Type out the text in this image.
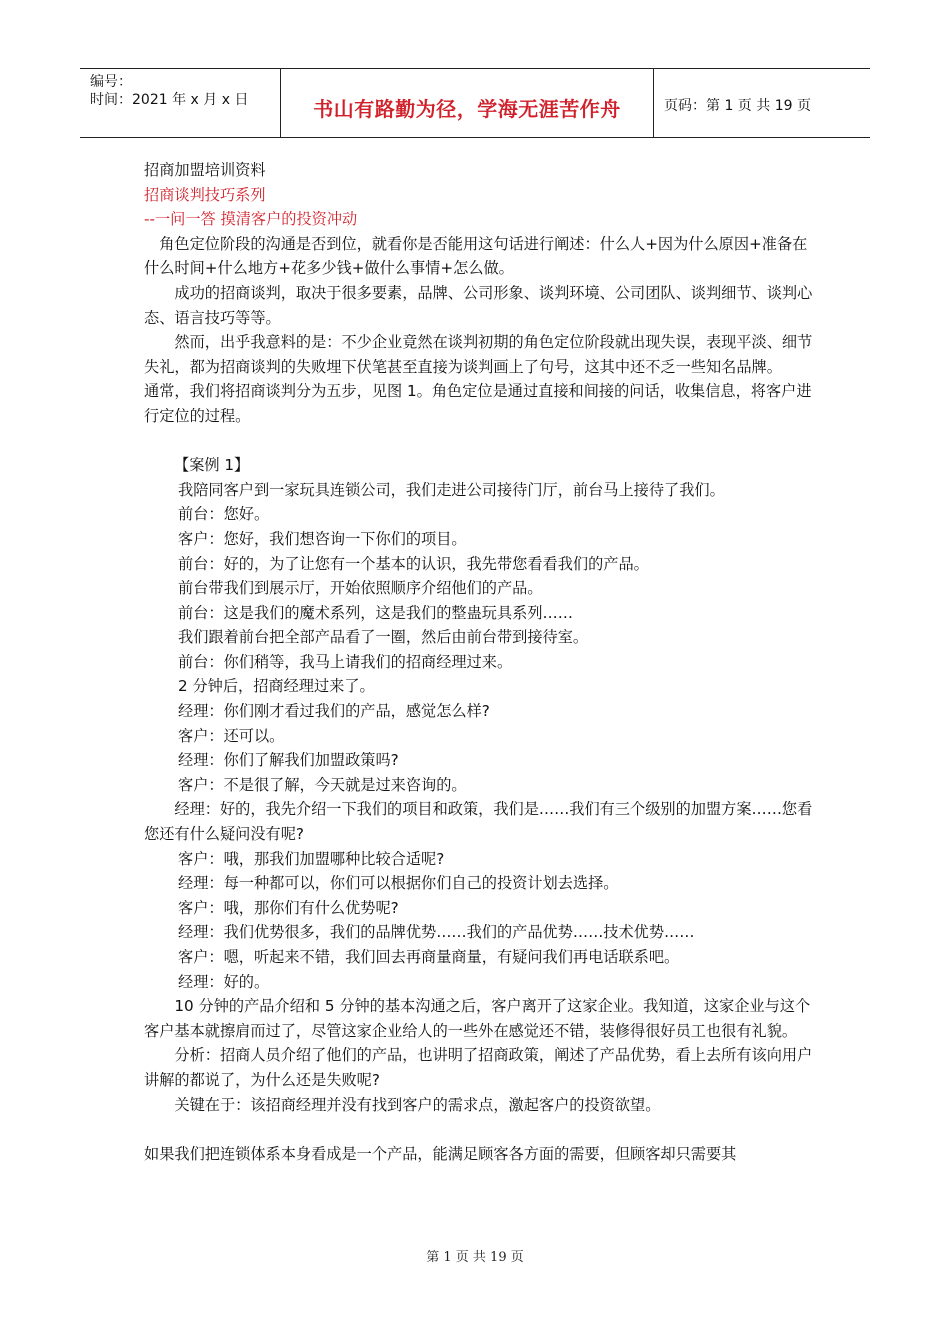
编号：
时间：2021 年 x 月 x 日	书山有路勤为径，学海无涯苦作舟	页码：第 1 页 共 19 页

招商加盟培训资料

招商谈判技巧系列

--一问一答 摸清客户的投资冲动

角色定位阶段的沟通是否到位，就看你是否能用这句话进行阐述：什么人+因为什么原因+准备在什么时间+什么地方+花多少钱+做什么事情+怎么做。

成功的招商谈判，取决于很多要素，品牌、公司形象、谈判环境、公司团队、谈判细节、谈判心态、语言技巧等等。

然而，出乎我意料的是：不少企业竟然在谈判初期的角色定位阶段就出现失误，表现平淡、细节失礼，都为招商谈判的失败埋下伏笔甚至直接为谈判画上了句号，这其中还不乏一些知名品牌。

通常，我们将招商谈判分为五步，见图 1。角色定位是通过直接和间接的问话，收集信息，将客户进行定位的过程。

【案例 1】

我陪同客户到一家玩具连锁公司，我们走进公司接待门厅，前台马上接待了我们。

前台：您好。

客户：您好，我们想咨询一下你们的项目。

前台：好的，为了让您有一个基本的认识，我先带您看看我们的产品。

前台带我们到展示厅，开始依照顺序介绍他们的产品。

前台：这是我们的魔术系列，这是我们的整蛊玩具系列……

我们跟着前台把全部产品看了一圈，然后由前台带到接待室。

前台：你们稍等，我马上请我们的招商经理过来。

2 分钟后，招商经理过来了。

经理：你们刚才看过我们的产品，感觉怎么样?

客户：还可以。

经理：你们了解我们加盟政策吗?

客户：不是很了解，今天就是过来咨询的。

经理：好的，我先介绍一下我们的项目和政策，我们是……我们有三个级别的加盟方案……您看您还有什么疑问没有呢?

客户：哦，那我们加盟哪种比较合适呢?

经理：每一种都可以，你们可以根据你们自己的投资计划去选择。

客户：哦，那你们有什么优势呢?

经理：我们优势很多，我们的品牌优势……我们的产品优势……技术优势……

客户：嗯，听起来不错，我们回去再商量商量，有疑问我们再电话联系吧。

经理：好的。

10 分钟的产品介绍和 5 分钟的基本沟通之后，客户离开了这家企业。我知道，这家企业与这个客户基本就擦肩而过了，尽管这家企业给人的一些外在感觉还不错，装修得很好员工也很有礼貌。

分析：招商人员介绍了他们的产品，也讲明了招商政策，阐述了产品优势，看上去所有该向用户讲解的都说了，为什么还是失败呢?

关键在于：该招商经理并没有找到客户的需求点，激起客户的投资欲望。

如果我们把连锁体系本身看成是一个产品，能满足顾客各方面的需要，但顾客却只需要其

第 1 页 共 19 页
